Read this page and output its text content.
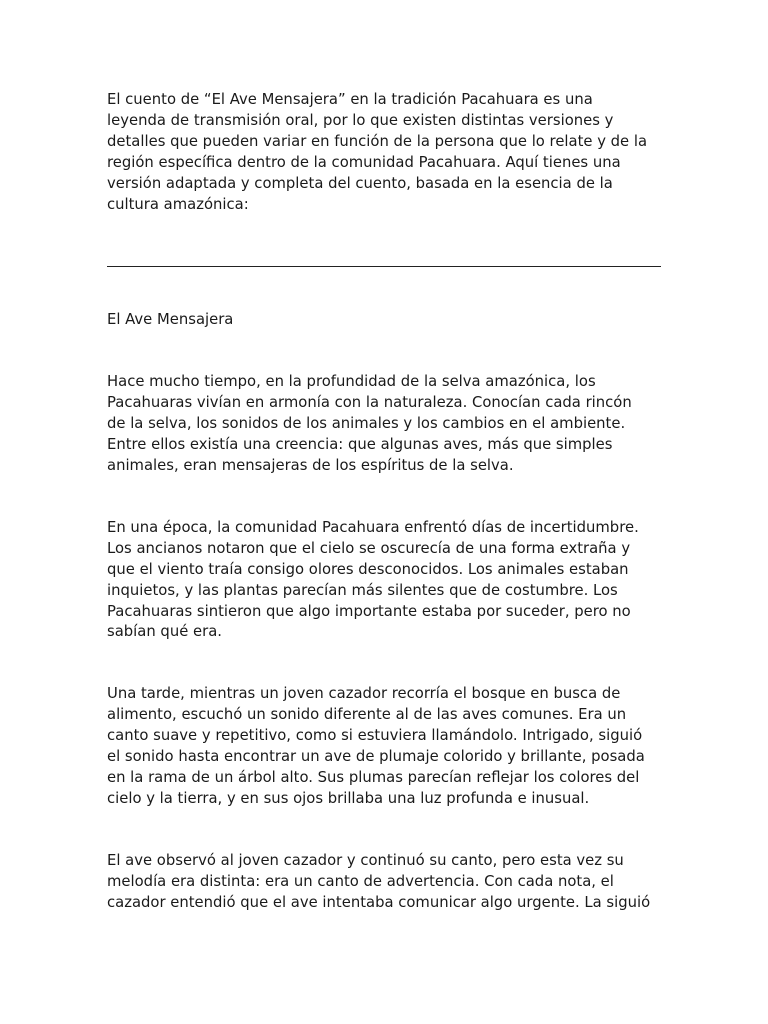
El cuento de “El Ave Mensajera” en la tradición Pacahuara es una
leyenda de transmisión oral, por lo que existen distintas versiones y
detalles que pueden variar en función de la persona que lo relate y de la
región específica dentro de la comunidad Pacahuara. Aquí tienes una
versión adaptada y completa del cuento, basada en la esencia de la
cultura amazónica:

El Ave Mensajera

Hace mucho tiempo, en la profundidad de la selva amazónica, los
Pacahuaras vivían en armonía con la naturaleza. Conocían cada rincón
de la selva, los sonidos de los animales y los cambios en el ambiente.
Entre ellos existía una creencia: que algunas aves, más que simples
animales, eran mensajeras de los espíritus de la selva.

En una época, la comunidad Pacahuara enfrentó días de incertidumbre.
Los ancianos notaron que el cielo se oscurecía de una forma extraña y
que el viento traía consigo olores desconocidos. Los animales estaban
inquietos, y las plantas parecían más silentes que de costumbre. Los
Pacahuaras sintieron que algo importante estaba por suceder, pero no
sabían qué era.

Una tarde, mientras un joven cazador recorría el bosque en busca de
alimento, escuchó un sonido diferente al de las aves comunes. Era un
canto suave y repetitivo, como si estuviera llamándolo. Intrigado, siguió
el sonido hasta encontrar un ave de plumaje colorido y brillante, posada
en la rama de un árbol alto. Sus plumas parecían reflejar los colores del
cielo y la tierra, y en sus ojos brillaba una luz profunda e inusual.

El ave observó al joven cazador y continuó su canto, pero esta vez su
melodía era distinta: era un canto de advertencia. Con cada nota, el
cazador entendió que el ave intentaba comunicar algo urgente. La siguió
